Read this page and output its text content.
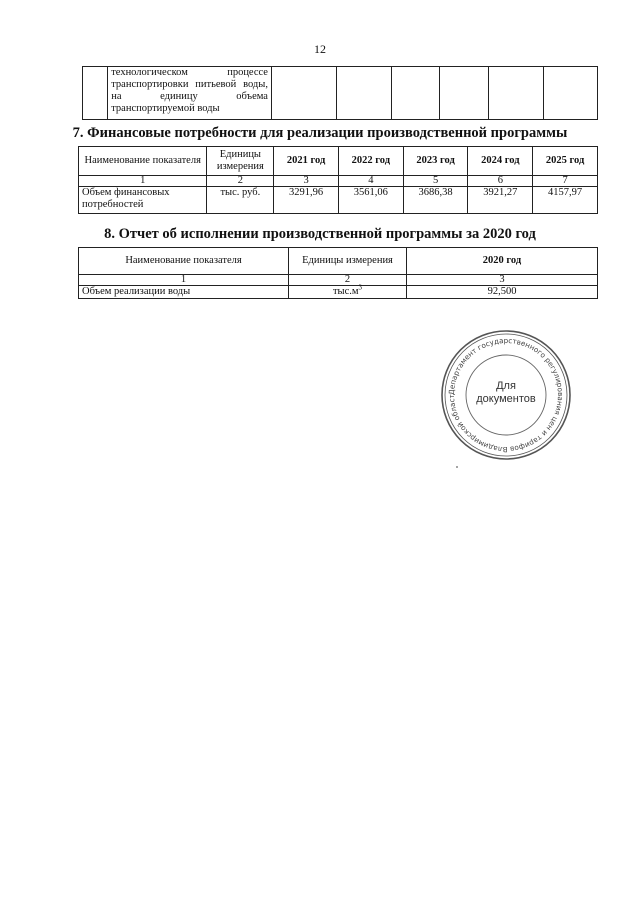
12

технологическом процессе
транспортировки питьевой воды,
на единицу объема
транспортируемой воды

7. Финансовые потребности для реализации производственной программы
Наименование показателя	Единицы измерения	2021 год	2022 год	2023 год	2024 год	2025 год
1	2	3	4	5	6	7
Объем финансовых потребностей	тыс. руб.	3291,96	3561,06	3686,38	3921,27	4157,97
8. Отчет об исполнении производственной программы за 2020 год
Наименование показателя	Единицы измерения	2020 год
1	2	3
Объем реализации воды	$тыс.м^3$	92,500
Департамент государственного регулирования цен и тарифов Владимирской област
Для
документов
